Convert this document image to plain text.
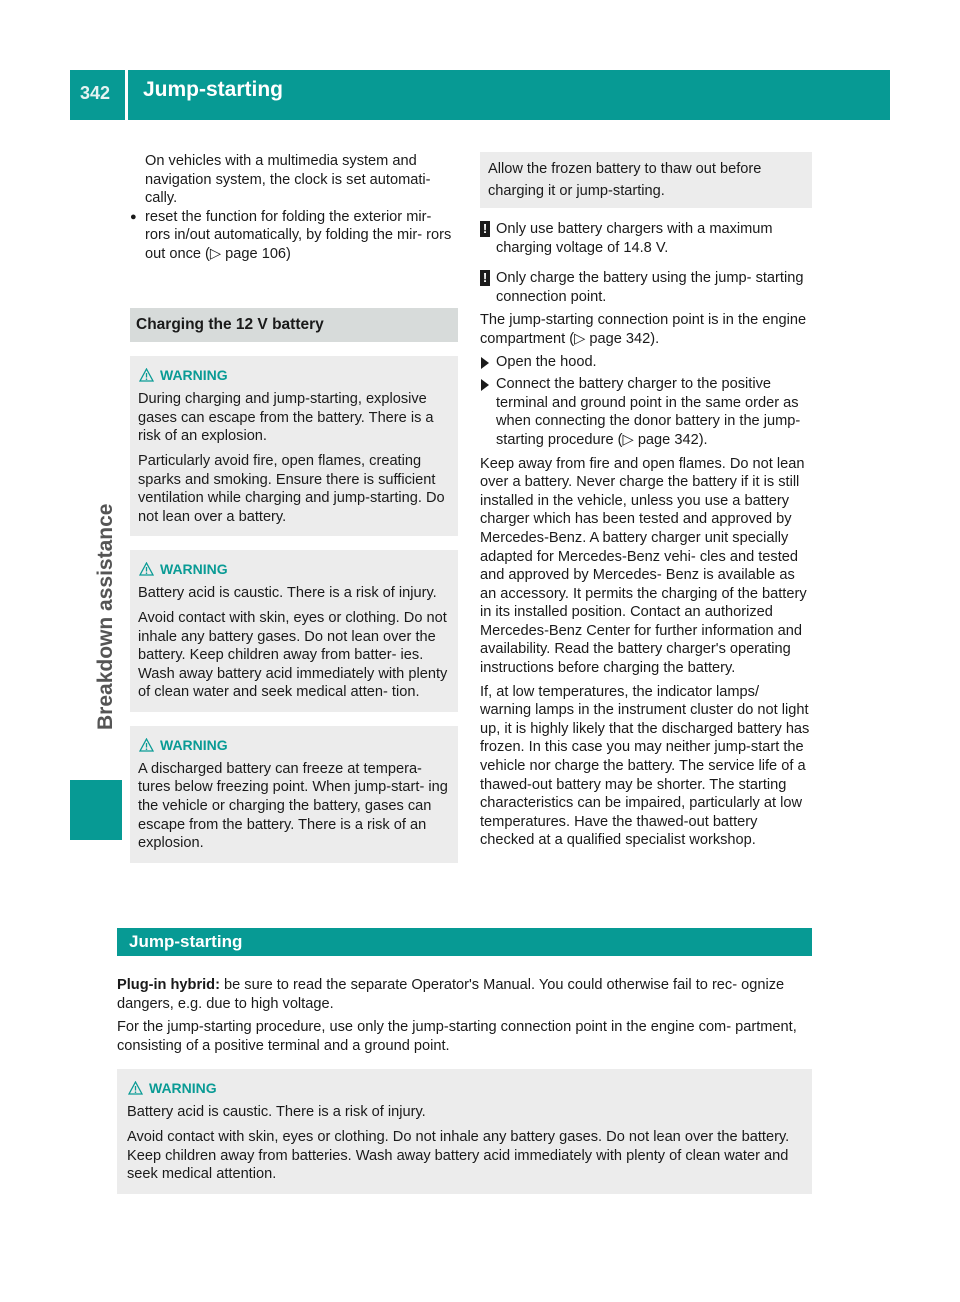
342 Jump-starting
Breakdown assistance

On vehicles with a multimedia system and navigation system, the clock is set automati- cally.

● reset the function for folding the exterior mir- rors in/out automatically, by folding the mir- rors out once (▷ page 106)
Charging the 12 V battery
WARNING

During charging and jump-starting, explosive gases can escape from the battery. There is a risk of an explosion.

Particularly avoid fire, open flames, creating sparks and smoking. Ensure there is sufficient ventilation while charging and jump-starting. Do not lean over a battery.

WARNING

Battery acid is caustic. There is a risk of injury.

Avoid contact with skin, eyes or clothing. Do not inhale any battery gases. Do not lean over the battery. Keep children away from batter- ies. Wash away battery acid immediately with plenty of clean water and seek medical atten- tion.

WARNING

A discharged battery can freeze at tempera- tures below freezing point. When jump-start- ing the vehicle or charging the battery, gases can escape from the battery. There is a risk of an explosion.

Allow the frozen battery to thaw out before charging it or jump-starting.
! Only use battery chargers with a maximum charging voltage of 14.8 V.
! Only charge the battery using the jump- starting connection point.

The jump-starting connection point is in the engine compartment (▷ page 342).

Open the hood.
Connect the battery charger to the positive terminal and ground point in the same order as when connecting the donor battery in the jump-starting procedure (▷ page 342).

Keep away from fire and open flames. Do not lean over a battery. Never charge the battery if it is still installed in the vehicle, unless you use a battery charger which has been tested and approved by Mercedes-Benz. A battery charger unit specially adapted for Mercedes-Benz vehi- cles and tested and approved by Mercedes- Benz is available as an accessory. It permits the charging of the battery in its installed position. Contact an authorized Mercedes-Benz Center for further information and availability. Read the battery charger's operating instructions before charging the battery.

If, at low temperatures, the indicator lamps/ warning lamps in the instrument cluster do not light up, it is highly likely that the discharged battery has frozen. In this case you may neither jump-start the vehicle nor charge the battery. The service life of a thawed-out battery may be shorter. The starting characteristics can be impaired, particularly at low temperatures. Have the thawed-out battery checked at a qualified specialist workshop.

Jump-starting

Plug-in hybrid: be sure to read the separate Operator's Manual. You could otherwise fail to rec- ognize dangers, e.g. due to high voltage.

For the jump-starting procedure, use only the jump-starting connection point in the engine com- partment, consisting of a positive terminal and a ground point.

WARNING

Battery acid is caustic. There is a risk of injury.

Avoid contact with skin, eyes or clothing. Do not inhale any battery gases. Do not lean over the battery. Keep children away from batteries. Wash away battery acid immediately with plenty of clean water and seek medical attention.
